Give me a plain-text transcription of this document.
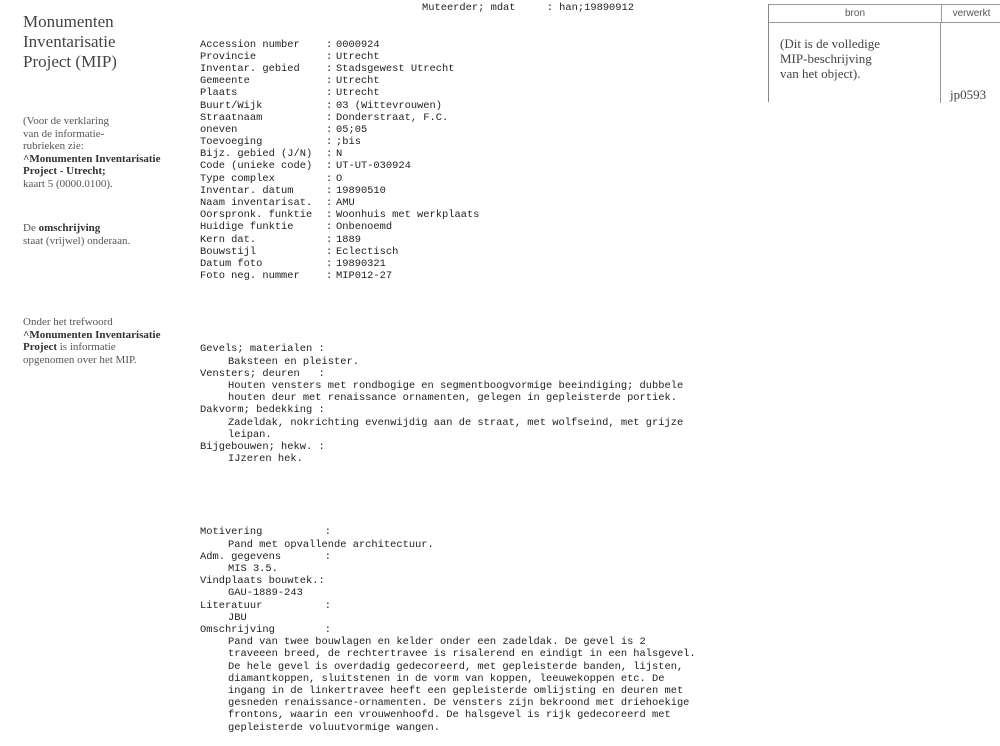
Monumenten
Inventarisatie
Project (MIP)
(Voor de verklaring
van de informatie-
rubrieken zie:
^Monumenten Inventarisatie
Project - Utrecht;
kaart 5 (0000.0100).
De omschrijving
staat (vrijwel) onderaan.
Onder het trefwoord
^Monumenten Inventarisatie
Project is informatie
opgenomen over het MIP.

Muteerder; mdat     : han;19890912

Accession number	: 0000924
Provincie	: Utrecht
Inventar. gebied	: Stadsgewest Utrecht
Gemeente	: Utrecht
Plaats	: Utrecht
Buurt/Wijk	: 03 (Wittevrouwen)
Straatnaam	: Donderstraat, F.C.
oneven	: 05;05
Toevoeging	: ;bis
Bijz. gebied (J/N)	: N
Code (unieke code)	: UT-UT-030924
Type complex	: O
Inventar. datum	: 19890510
Naam inventarisat.	: AMU
Oorspronk. funktie	: Woonhuis met werkplaats
Huidige funktie	: Onbenoemd
Kern dat.	: 1889
Bouwstijl	: Eclectisch
Datum foto	: 19890321
Foto neg. nummer	: MIP012-27

Gevels; materialen :
Baksteen en pleister.
Vensters; deuren   :
Houten vensters met rondbogige en segmentboogvormige beeindiging; dubbele
houten deur met renaissance ornamenten, gelegen in gepleisterde portiek.
Dakvorm; bedekking :
Zadeldak, nokrichting evenwijdig aan de straat, met wolfseind, met grijze
leipan.
Bijgebouwen; hekw. :
IJzeren hek.

Motivering          :
Pand met opvallende architectuur.
Adm. gegevens       :
MIS 3.5.
Vindplaats bouwtek.:
GAU-1889-243
Literatuur          :
JBU
Omschrijving        :
Pand van twee bouwlagen en kelder onder een zadeldak. De gevel is 2
traveeen breed, de rechtertravee is risalerend en eindigt in een halsgevel.
De hele gevel is overdadig gedecoreerd, met gepleisterde banden, lijsten,
diamantkoppen, sluitstenen in de vorm van koppen, leeuwekoppen etc. De
ingang in de linkertravee heeft een gepleisterde omlijsting en deuren met
gesneden renaissance-ornamenten. De vensters zijn bekroond met driehoekige
frontons, waarin een vrouwenhoofd. De halsgevel is rijk gedecoreerd met
gepleisterde voluutvormige wangen.

bron	verwerkt
(Dit is de volledige
MIP-beschrijving
van het object).
jp0593
